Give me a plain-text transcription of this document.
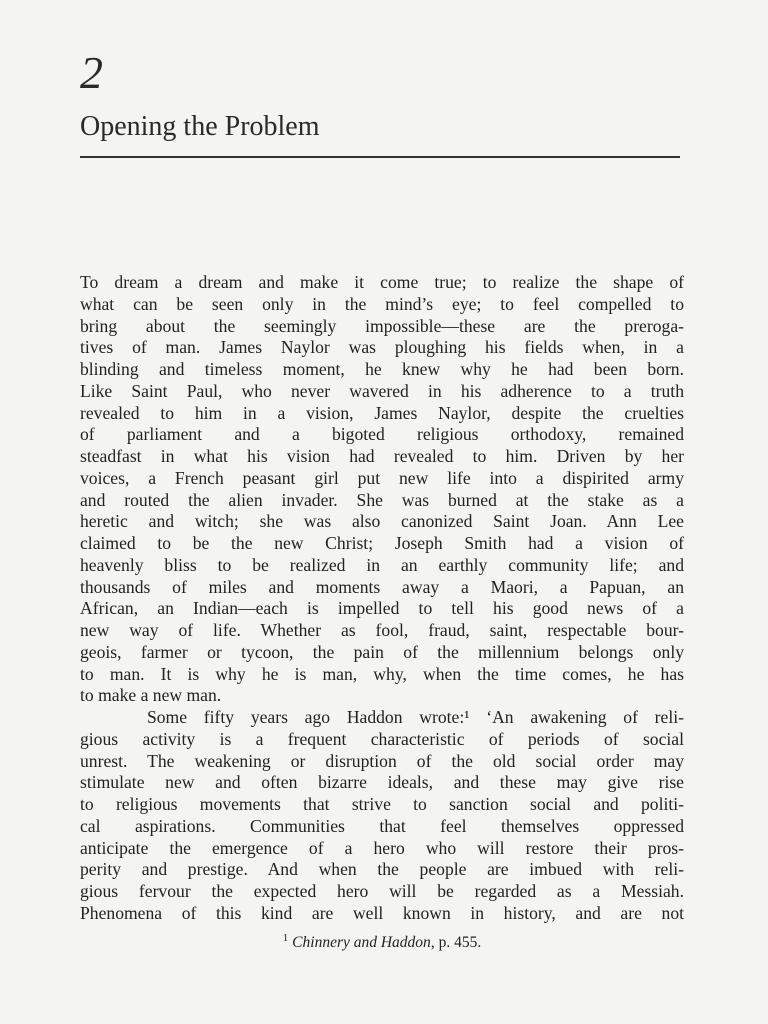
2
Opening the Problem
To dream a dream and make it come true; to realize the shape of
what can be seen only in the mind’s eye; to feel compelled to
bring about the seemingly impossible—these are the preroga-
tives of man. James Naylor was ploughing his fields when, in a
blinding and timeless moment, he knew why he had been born.
Like Saint Paul, who never wavered in his adherence to a truth
revealed to him in a vision, James Naylor, despite the cruelties
of parliament and a bigoted religious orthodoxy, remained
steadfast in what his vision had revealed to him. Driven by her
voices, a French peasant girl put new life into a dispirited army
and routed the alien invader. She was burned at the stake as a
heretic and witch; she was also canonized Saint Joan. Ann Lee
claimed to be the new Christ; Joseph Smith had a vision of
heavenly bliss to be realized in an earthly community life; and
thousands of miles and moments away a Maori, a Papuan, an
African, an Indian—each is impelled to tell his good news of a
new way of life. Whether as fool, fraud, saint, respectable bour-
geois, farmer or tycoon, the pain of the millennium belongs only
to man. It is why he is man, why, when the time comes, he has
to make a new man.
Some fifty years ago Haddon wrote:¹ ‘An awakening of reli-
gious activity is a frequent characteristic of periods of social
unrest. The weakening or disruption of the old social order may
stimulate new and often bizarre ideals, and these may give rise
to religious movements that strive to sanction social and politi-
cal aspirations. Communities that feel themselves oppressed
anticipate the emergence of a hero who will restore their pros-
perity and prestige. And when the people are imbued with reli-
gious fervour the expected hero will be regarded as a Messiah.
Phenomena of this kind are well known in history, and are not
$^1$ Chinnery and Haddon, p. 455.
